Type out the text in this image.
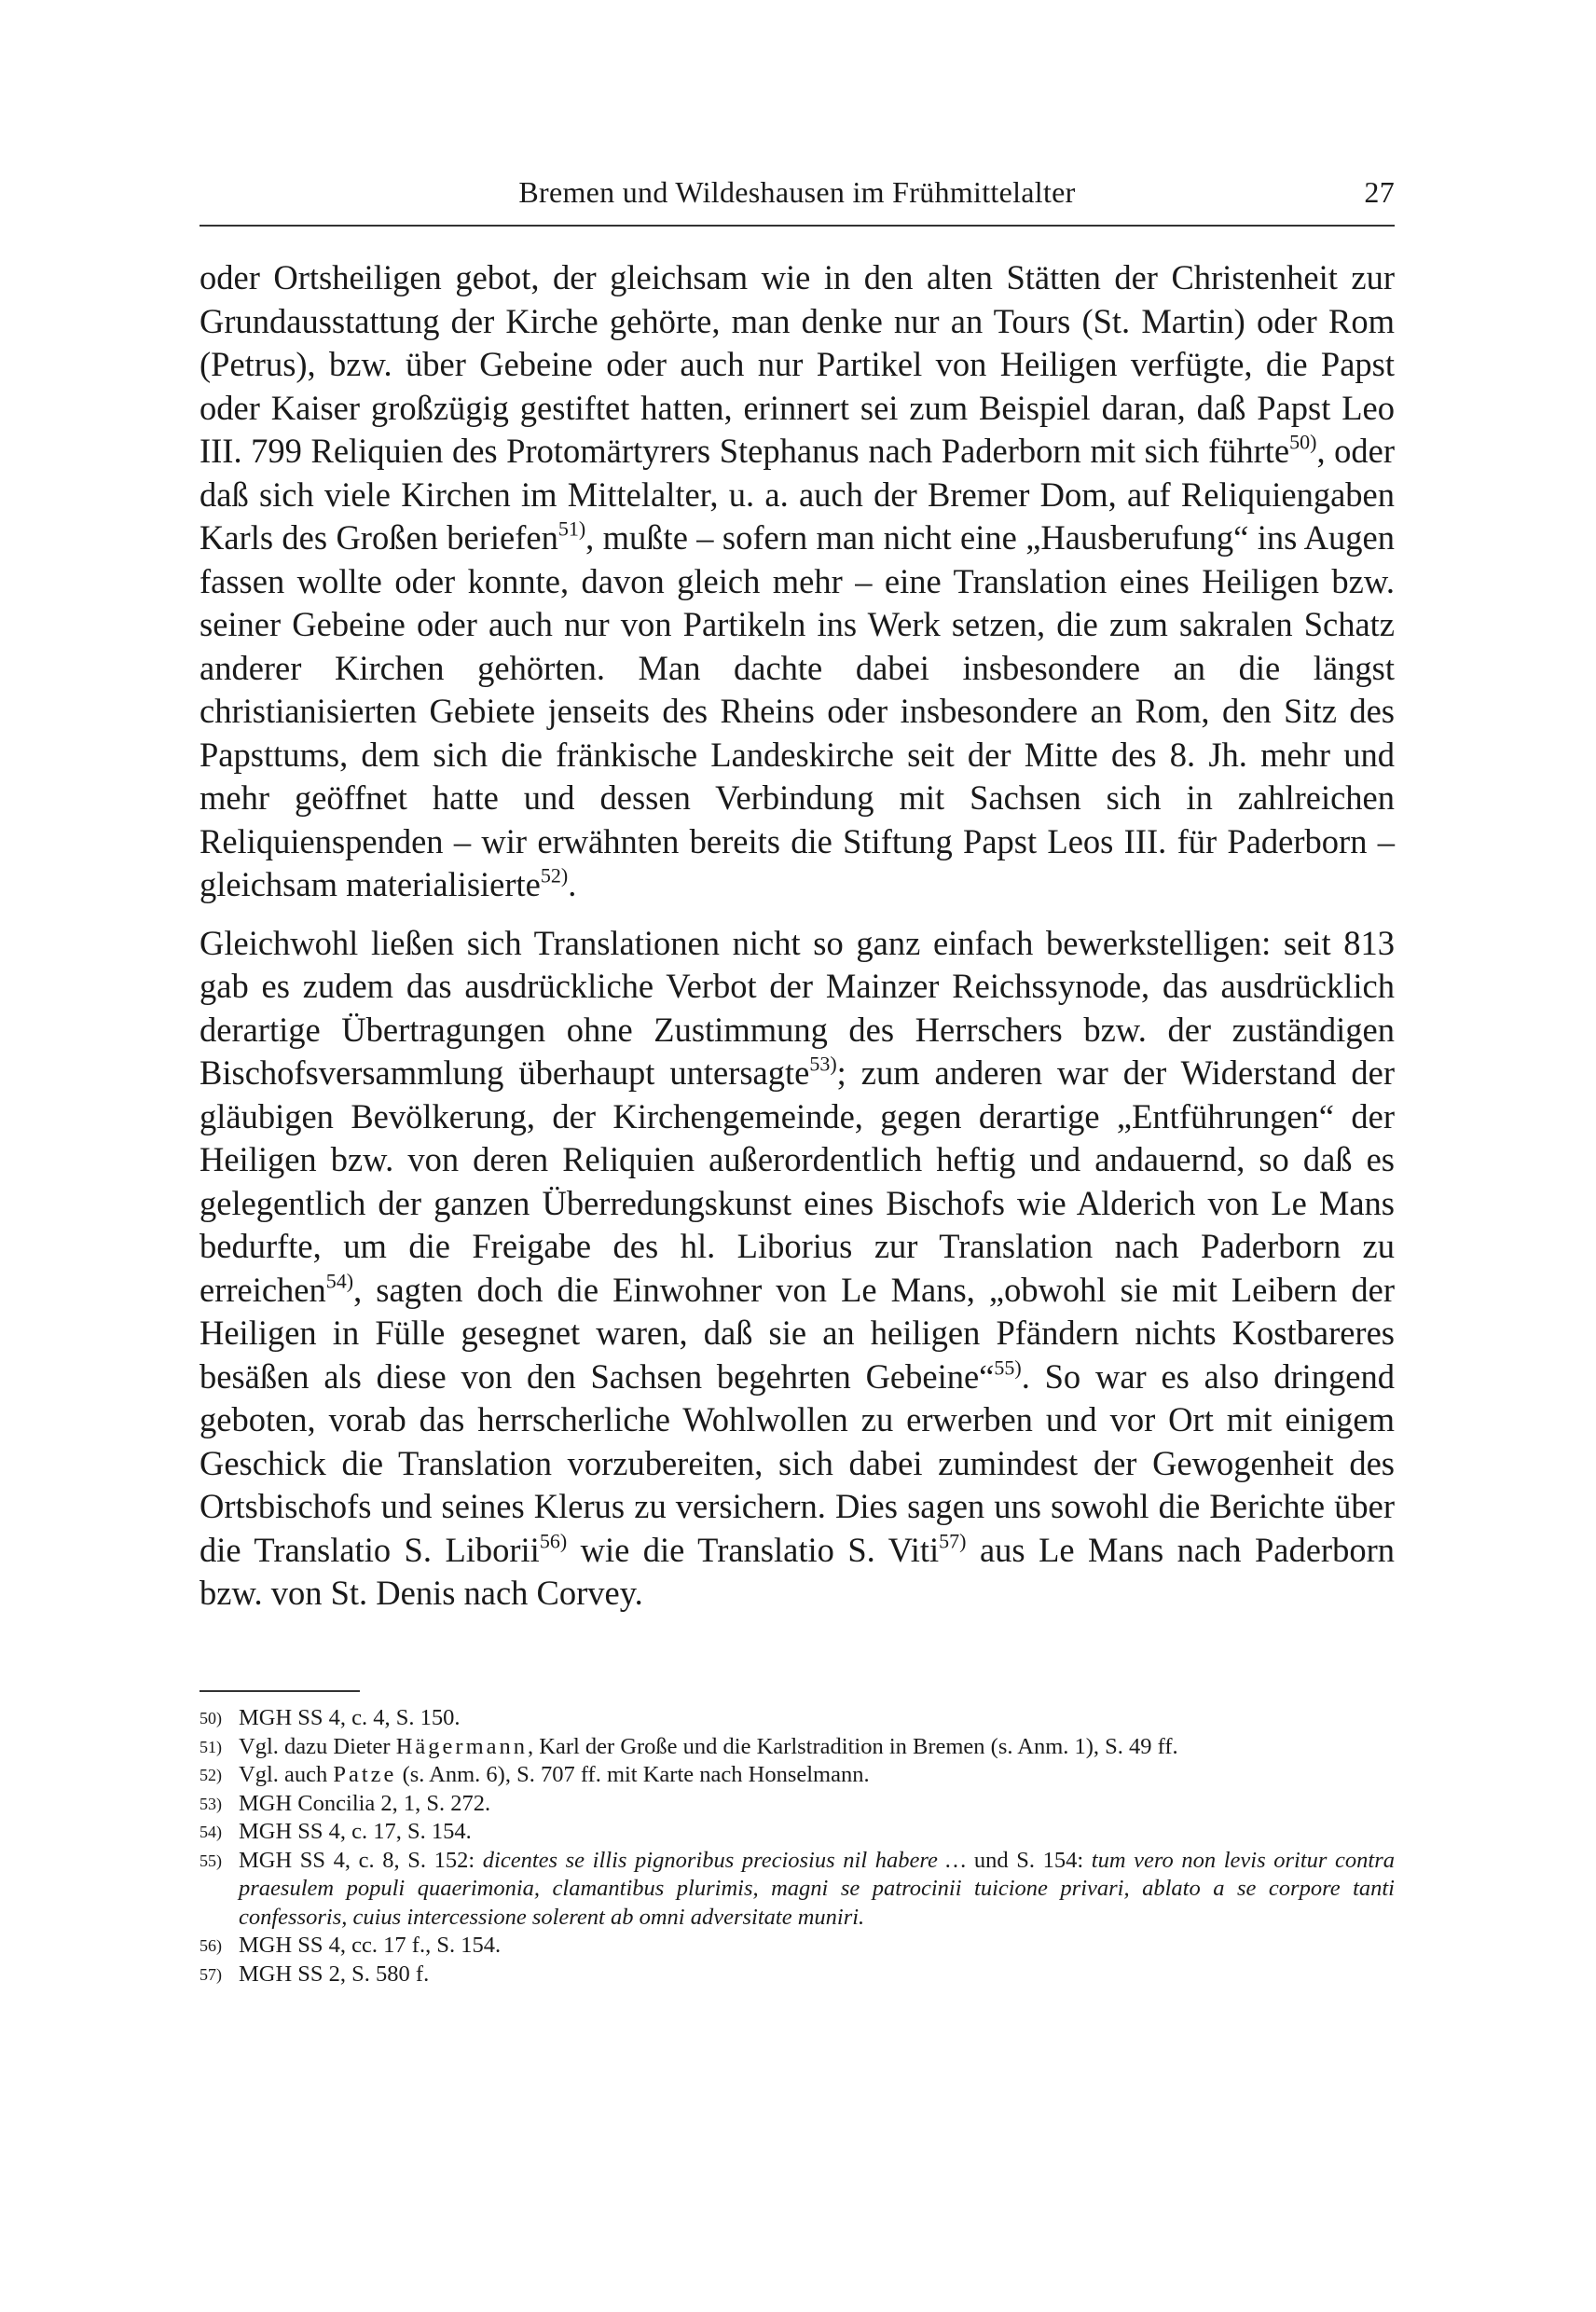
Bremen und Wildeshausen im Frühmittelalter	27

oder Ortsheiligen gebot, der gleichsam wie in den alten Stätten der Christenheit zur Grundausstattung der Kirche gehörte, man denke nur an Tours (St. Martin) oder Rom (Petrus), bzw. über Gebeine oder auch nur Partikel von Heiligen verfügte, die Papst oder Kaiser großzügig gestiftet hatten, erinnert sei zum Beispiel daran, daß Papst Leo III. 799 Reliquien des Protomärtyrers Stephanus nach Paderborn mit sich führte$^{50)}$, oder daß sich viele Kirchen im Mittelalter, u. a. auch der Bremer Dom, auf Reliquiengaben Karls des Großen beriefen$^{51)}$, mußte – sofern man nicht eine „Hausberufung“ ins Augen fassen wollte oder konnte, davon gleich mehr – eine Translation eines Heiligen bzw. seiner Gebeine oder auch nur von Partikeln ins Werk setzen, die zum sakralen Schatz anderer Kirchen gehörten. Man dachte dabei insbesondere an die längst christianisierten Gebiete jenseits des Rheins oder insbesondere an Rom, den Sitz des Papsttums, dem sich die fränkische Landeskirche seit der Mitte des 8. Jh. mehr und mehr geöffnet hatte und dessen Verbindung mit Sachsen sich in zahlreichen Reliquienspenden – wir erwähnten bereits die Stiftung Papst Leos III. für Paderborn – gleichsam materialisierte$^{52)}$.

Gleichwohl ließen sich Translationen nicht so ganz einfach bewerkstelligen: seit 813 gab es zudem das ausdrückliche Verbot der Mainzer Reichssynode, das ausdrücklich derartige Übertragungen ohne Zustimmung des Herrschers bzw. der zuständigen Bischofsversammlung überhaupt untersagte$^{53)}$; zum anderen war der Widerstand der gläubigen Bevölkerung, der Kirchengemeinde, gegen derartige „Entführungen“ der Heiligen bzw. von deren Reliquien außerordentlich heftig und andauernd, so daß es gelegentlich der ganzen Überredungskunst eines Bischofs wie Alderich von Le Mans bedurfte, um die Freigabe des hl. Liborius zur Translation nach Paderborn zu erreichen$^{54)}$, sagten doch die Einwohner von Le Mans, „obwohl sie mit Leibern der Heiligen in Fülle gesegnet waren, daß sie an heiligen Pfändern nichts Kostbareres besäßen als diese von den Sachsen begehrten Gebeine“$^{55)}$. So war es also dringend geboten, vorab das herrscherliche Wohlwollen zu erwerben und vor Ort mit einigem Geschick die Translation vorzubereiten, sich dabei zumindest der Gewogenheit des Ortsbischofs und seines Klerus zu versichern. Dies sagen uns sowohl die Berichte über die Translatio S. Liborii$^{56)}$ wie die Translatio S. Viti$^{57)}$ aus Le Mans nach Paderborn bzw. von St. Denis nach Corvey.

50) MGH SS 4, c. 4, S. 150.
51) Vgl. dazu Dieter Hägermann, Karl der Große und die Karlstradition in Bremen (s. Anm. 1), S. 49 ff.
52) Vgl. auch Patze (s. Anm. 6), S. 707 ff. mit Karte nach Honselmann.
53) MGH Concilia 2, 1, S. 272.
54) MGH SS 4, c. 17, S. 154.
55) MGH SS 4, c. 8, S. 152: dicentes se illis pignoribus preciosius nil habere … und S. 154: tum vero non levis oritur contra praesulem populi quaerimonia, clamantibus plurimis, magni se patrocinii tuicione privari, ablato a se corpore tanti confessoris, cuius intercessione solerent ab omni adversitate muniri.
56) MGH SS 4, cc. 17 f., S. 154.
57) MGH SS 2, S. 580 f.
